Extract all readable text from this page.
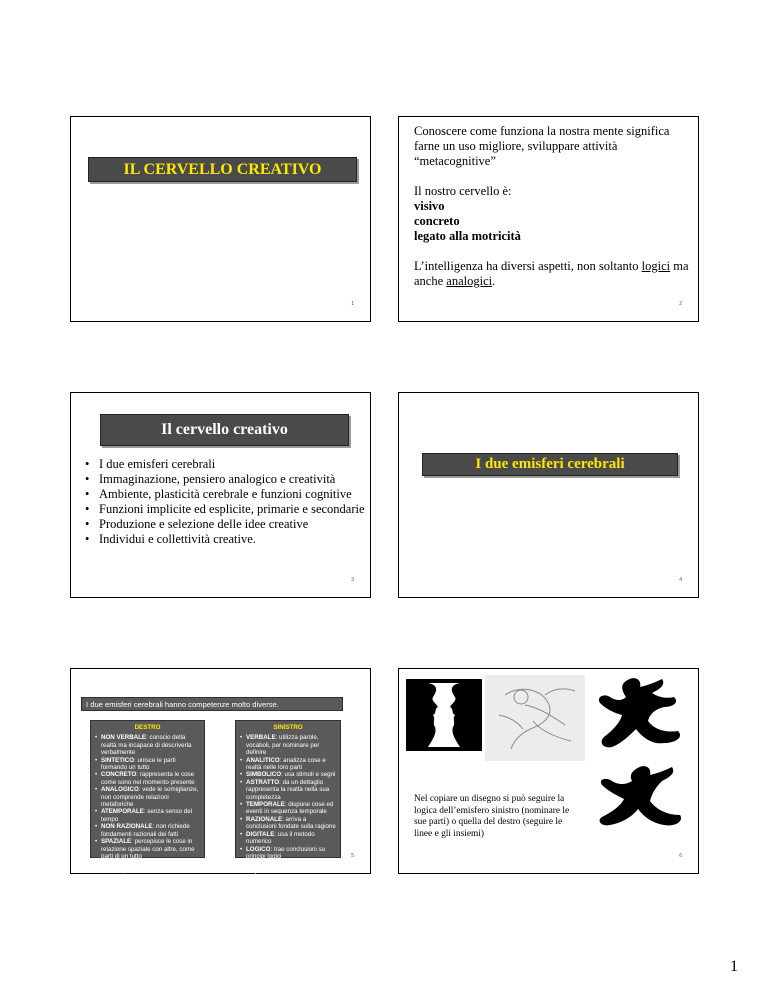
IL CERVELLO CREATIVO
1

Conoscere come funziona la nostra mente significa farne un uso migliore, sviluppare attività “metacognitive”

Il nostro cervello è:

visivo

concreto

legato alla motricità

L’intelligenza ha diversi aspetti, non soltanto logici ma anche analogici.

2
Il cervello creativo
• I due emisferi cerebrali
• Immaginazione, pensiero analogico e creatività
• Ambiente, plasticità cerebrale e funzioni cognitive
• Funzioni implicite ed esplicite, primarie e secondarie
• Produzione e selezione delle idee creative
• Individui e collettività creative.
3
I due emisferi cerebrali
4
I due emisferi cerebrali hanno competenze molto diverse.
DESTRO
• NON VERBALE: conscio della realtà ma incapace di descriverla verbalmente
• SINTETICO: unisce le parti formando un tutto
• CONCRETO: rappresenta le cose come sono nel momento presente
• ANALOGICO: vede le somiglianze, non comprende relazioni metaforiche
• ATEMPORALE: senza senso del tempo
• NON RAZIONALE: non richiede fondamenti razionali dei fatti
• SPAZIALE: percepisce le cose in relazione spaziale con altre, come parti di un tutto
• OLISTICO: vede le cose nel loro insieme, talora in contrasto col sinistro
SINISTRO
• VERBALE: utilizza parole, vocaboli, per nominare per definire
• ANALITICO: analizza cose e realtà nelle loro parti
• SIMBOLICO: usa stimoli e segni
• ASTRATTO: da un dettaglio rappresenta la realtà nella sua completezza
• TEMPORALE: dispone cose ed eventi in sequenza temporale
• RAZIONALE: arriva a conclusioni fondate sulla ragione
• DIGITALE: usa il metodo numerico
• LOGICO: trae conclusioni su principi logici
• LINEARE: pensa in termini sequenziali
5
Nel copiare un disegno si può seguire la logica dell’emisfero sinistro (nominare le sue parti) o quella del destro (seguire le linee e gli insiemi)
6
1
